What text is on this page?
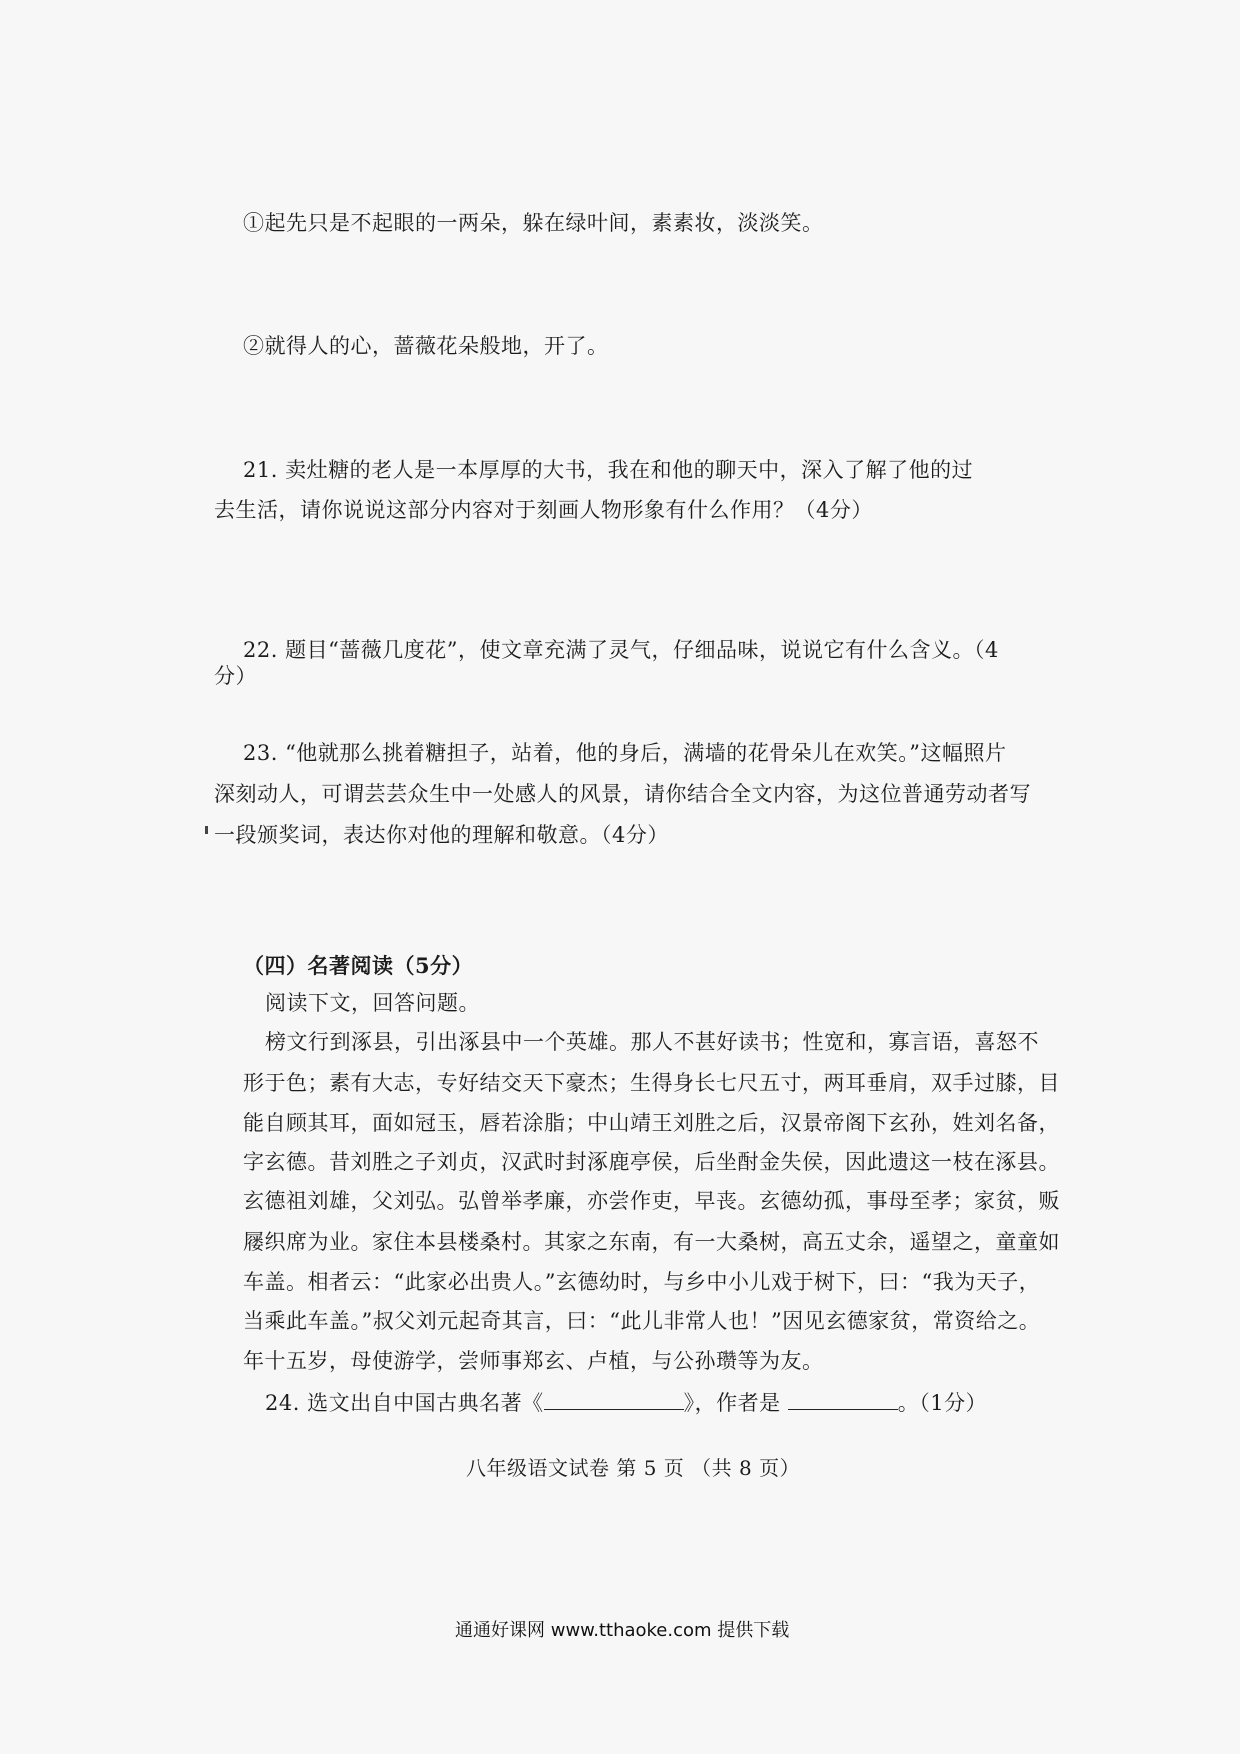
①起先只是不起眼的一两朵，躲在绿叶间，素素妆，淡淡笑。
②就得人的心，蔷薇花朵般地，开了。
21. 卖灶糖的老人是一本厚厚的大书，我在和他的聊天中，深入了解了他的过
去生活，请你说说这部分内容对于刻画人物形象有什么作用？（4分）
22. 题目“蔷薇几度花”，使文章充满了灵气，仔细品味，说说它有什么含义。（4
分）
23. “他就那么挑着糖担子，站着，他的身后，满墙的花骨朵儿在欢笑。”这幅照片
深刻动人，可谓芸芸众生中一处感人的风景，请你结合全文内容，为这位普通劳动者写
一段颁奖词，表达你对他的理解和敬意。（4分）
（四）名著阅读（5分）
阅读下文，回答问题。
榜文行到涿县，引出涿县中一个英雄。那人不甚好读书；性宽和，寡言语，喜怒不
形于色；素有大志，专好结交天下豪杰；生得身长七尺五寸，两耳垂肩，双手过膝，目
能自顾其耳，面如冠玉，唇若涂脂；中山靖王刘胜之后，汉景帝阁下玄孙，姓刘名备，
字玄德。昔刘胜之子刘贞，汉武时封涿鹿亭侯，后坐酎金失侯，因此遗这一枝在涿县。
玄德祖刘雄，父刘弘。弘曾举孝廉，亦尝作吏，早丧。玄德幼孤，事母至孝；家贫，贩
屦织席为业。家住本县楼桑村。其家之东南，有一大桑树，高五丈余，遥望之，童童如
车盖。相者云：“此家必出贵人。”玄德幼时，与乡中小儿戏于树下，曰：“我为天子，
当乘此车盖。”叔父刘元起奇其言，曰：“此儿非常人也！”因见玄德家贫，常资给之。
年十五岁，母使游学，尝师事郑玄、卢植，与公孙瓒等为友。
24. 选文出自中国古典名著《	》，作者是	。（1分）
八年级语文试卷 第 5 页 （共 8 页）
通通好课网 www.tthaoke.com 提供下载
